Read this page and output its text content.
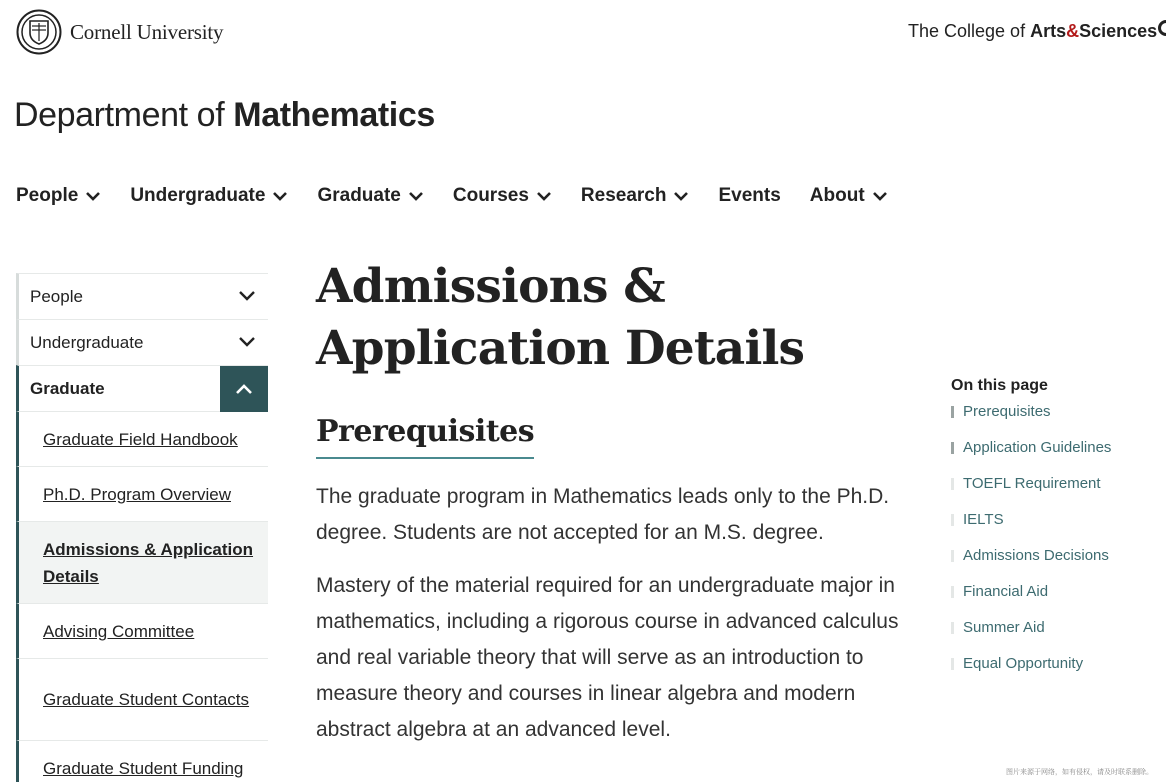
Cornell University	The College of Arts&Sciences
Department of Mathematics
People	Undergraduate	Graduate	Courses	Research	Events About
People
Undergraduate
Graduate
Graduate Field Handbook
Ph.D. Program Overview
Admissions & Application Details
Advising Committee
Graduate Student Contacts
Graduate Student Funding
Admissions & Application Details
Prerequisites

The graduate program in Mathematics leads only to the Ph.D. degree. Students are not accepted for an M.S. degree.

Mastery of the material required for an undergraduate major in mathematics, including a rigorous course in advanced calculus and real variable theory that will serve as an introduction to measure theory and courses in linear algebra and modern abstract algebra at an advanced level.

On this page
Prerequisites
Application Guidelines
TOEFL Requirement
IELTS
Admissions Decisions
Financial Aid
Summer Aid
Equal Opportunity
图片来源于网络，如有侵权，请及时联系删除。
